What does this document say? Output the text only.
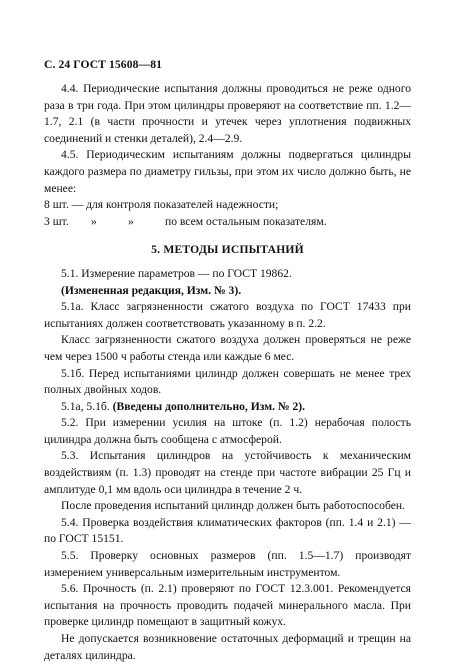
С. 24 ГОСТ 15608—81

4.4. Периодические испытания должны проводиться не реже одного раза в три года. При этом цилиндры проверяют на соответствие пп. 1.2—1.7, 2.1 (в части прочности и утечек через уплотнения подвижных соединений и стенки деталей), 2.4—2.9.

4.5. Периодическим испытаниям должны подвергаться цилиндры каждого размера по диаметру гильзы, при этом их число должно быть, не менее:

8 шт. — для контроля показателей надежности;

3 шт.	»	»	по всем остальным показателям.

5. МЕТОДЫ ИСПЫТАНИЙ

5.1. Измерение параметров — по ГОСТ 19862.

(Измененная редакция, Изм. № 3).

5.1а. Класс загрязненности сжатого воздуха по ГОСТ 17433 при испытаниях должен соответствовать указанному в п. 2.2.

Класс загрязненности сжатого воздуха должен проверяться не реже чем через 1500 ч работы стенда или каждые 6 мес.

5.1б. Перед испытаниями цилиндр должен совершать не менее трех полных двойных ходов.

5.1а, 5.1б. (Введены дополнительно, Изм. № 2).

5.2. При измерении усилия на штоке (п. 1.2) нерабочая полость цилиндра должна быть сообщена с атмосферой.

5.3. Испытания цилиндров на устойчивость к механическим воздействиям (п. 1.3) проводят на стенде при частоте вибрации 25 Гц и амплитуде 0,1 мм вдоль оси цилиндра в течение 2 ч.

После проведения испытаний цилиндр должен быть работоспособен.

5.4. Проверка воздействия климатических факторов (пп. 1.4 и 2.1) — по ГОСТ 15151.

5.5. Проверку основных размеров (пп. 1.5—1.7) производят измерением универсальным измерительным инструментом.

5.6. Прочность (п. 2.1) проверяют по ГОСТ 12.3.001. Рекомендуется испытания на прочность проводить подачей минерального масла. При проверке цилиндр помещают в защитный кожух.

Не допускается возникновение остаточных деформаций и трещин на деталях цилиндра.
